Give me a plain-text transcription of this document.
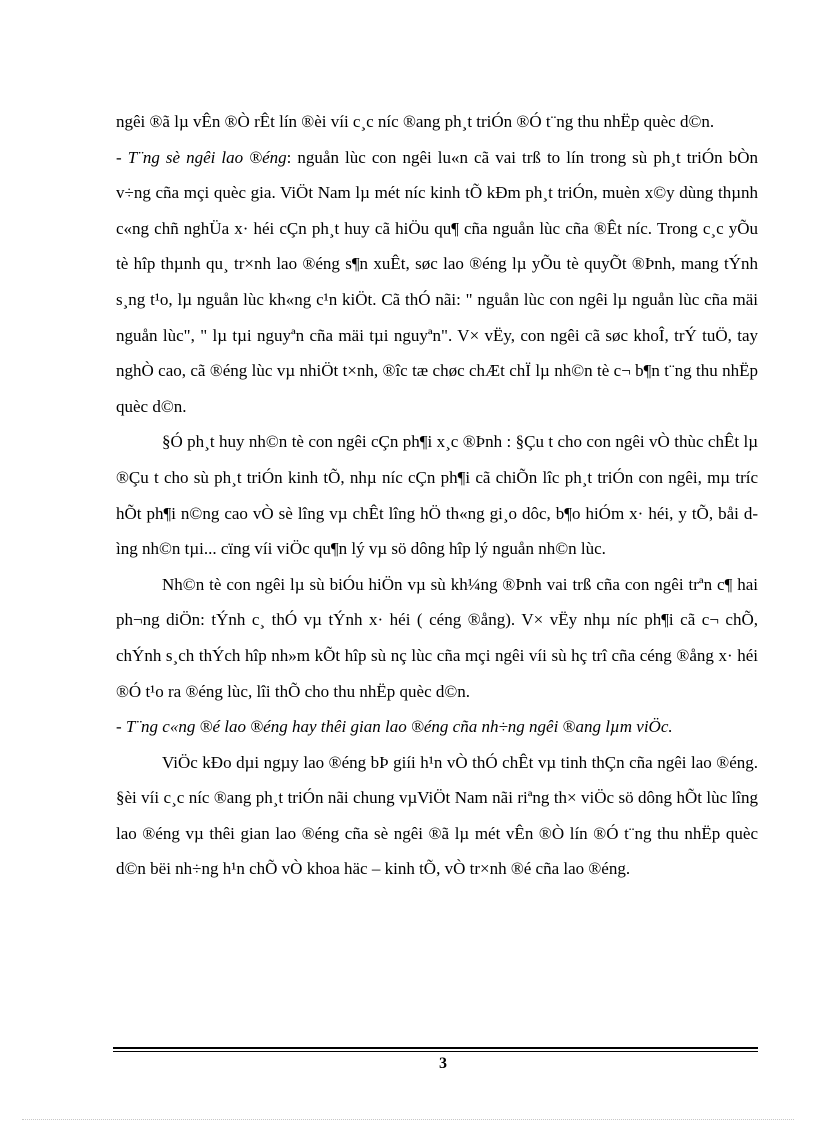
ngêi ®ã lµ vÊn ®Ò rÊt lín ®èi víi c¸c níc ®ang ph¸t triÓn ®Ó t¨ng thu nhËp quèc d©n.

- T¨ng sè ngêi lao ®éng: nguån lùc con ngêi lu«n cã vai trß to lín trong sù ph¸t triÓn bÒn v÷ng cña mçi quèc gia. ViÖt Nam lµ mét níc kinh tÕ kÐm ph¸t triÓn, muèn x©y dùng thµnh c«ng chñ nghÜa x· héi cÇn ph¸t huy cã hiÖu qu¶ cña nguån lùc cña ®Êt níc. Trong c¸c yÕu tè hîp thµnh qu¸ tr×nh lao ®éng s¶n xuÊt, søc lao ®éng lµ yÕu tè quyÕt ®Þnh, mang tÝnh s¸ng t¹o, lµ nguån lùc kh«ng c¹n kiÖt. Cã thÓ nãi: " nguån lùc con ngêi lµ nguån lùc cña mäi nguån lùc", " lµ tµi nguyªn cña mäi tµi nguyªn". V× vËy, con ngêi cã søc khoÎ, trÝ tuÖ, tay nghÒ cao, cã ®éng lùc vµ nhiÖt t×nh, ®îc tæ chøc chÆt chÏ lµ nh©n tè c¬ b¶n t¨ng thu nhËp quèc d©n.

§Ó ph¸t huy nh©n tè con ngêi cÇn ph¶i x¸c ®Þnh : §Çu t cho con ngêi vÒ thùc chÊt lµ ®Çu t cho sù ph¸t triÓn kinh tÕ, nhµ níc cÇn ph¶i cã chiÕn lîc ph¸t triÓn con ngêi, mµ tríc hÕt ph¶i n©ng cao vÒ sè lîng vµ chÊt lîng hÖ th«ng gi¸o dôc, b¶o hiÓm x· héi, y tÕ, båi dìng nh©n tµi... cïng víi viÖc qu¶n lý vµ sö dông hîp lý nguån nh©n lùc.

Nh©n tè con ngêi lµ sù biÓu hiÖn vµ sù kh¼ng ®Þnh vai trß cña con ngêi trªn c¶ hai ph¬ng diÖn: tÝnh c¸ thÓ vµ tÝnh x· héi ( céng ®ång). V× vËy nhµ níc ph¶i cã c¬ chÕ, chÝnh s¸ch thÝch hîp nh»m kÕt hîp sù nç lùc cña mçi ngêi víi sù hç trî cña céng ®ång x· héi ®Ó t¹o ra ®éng lùc, lîi thÕ cho thu nhËp quèc d©n.

- T¨ng c«ng ®é lao ®éng hay thêi gian lao ®éng cña nh÷ng ngêi ®ang lµm viÖc.

ViÖc kÐo dµi ngµy lao ®éng bÞ giíi h¹n vÒ thÓ chÊt vµ tinh thÇn cña ngêi lao ®éng. §èi víi c¸c níc ®ang ph¸t triÓn nãi chung vµViÖt Nam nãi riªng th× viÖc sö dông hÕt lùc lîng lao ®éng vµ thêi gian lao ®éng cña sè ngêi ®ã lµ mét vÊn ®Ò lín ®Ó t¨ng thu nhËp quèc d©n bëi nh÷ng h¹n chÕ vÒ khoa häc – kinh tÕ, vÒ tr×nh ®é cña lao ®éng.

3
